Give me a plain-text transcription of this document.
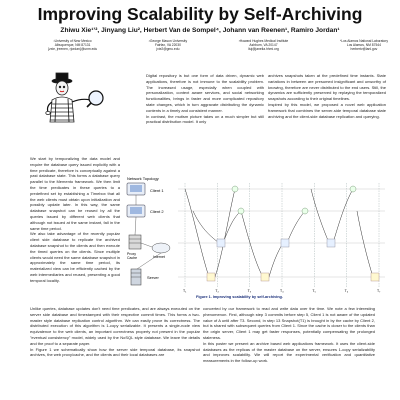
Improving Scalability by Self-Archiving
Zhiwu Xie¹ʼ², Jinyang Liu², Herbert Van de Sompel⁴, Johann van Reenen¹, Ramiro Jordan¹
¹University of New Mexico
Albuquerque, NM 87131
{zxie, jreenen, rjordan}@unm.edu
²George Mason University
Fairfax, VA 22030
jxie2@gmu.edu
³Howard Hughes Medical Institute
Ashburn, VA 20147
liuj@janelia.hhmi.org
⁴Los Alamos National Laboratory
Los Alamos, NM 87544
herbertv@lanl.gov

Digital repository is but one form of data driven, dynamic web applications, therefore is not immune to the scalability problem. The increased usage, especially when coupled with personalization, context aware services, and social networking functionalities, brings in faster and more complicated repository state changes, which in turn aggravate distributing the dynamic contents in a timely and consistent manner.
In contrast, the mutism picture takes on a much simpler but still practical distribution model. It only

archives snapshots taken at the predefined time instants. State variations in between are presumed insignificant and unworthy of knowing, therefore are never distributed to the end users. Still, the dynamics are sufficiently preserved by replaying the temporalized snapshots according to their original timelines.
Inspired by this model, we proposed a novel web application framework that combines the server-side temporal database state archiving and the client-side database replication and querying.

We start by temporalizing the data model and require the database query issued explicitly with a time predicate, therefore is conceptually against a past database state. This forms a database query parallel to the Memento framework. We then limit the time predicates in these queries to a predefined set by establishing a Timebox that all the web clients must obtain upon initialization and possibly update later. In this way, the same database snapshot can be reused by all the queries issued by different web clients that although not issued at the same instant, fall in the same time period.
We also take advantage of the recently popular client side database to replicate the archived database snapshot to the clients and then execute the timed queries on the clients. Since multiple clients would need the same database snapshot in approximately the same time period, its materialized view can be efficiently cached by the web intermediaries and reused, presenting a good temporal locality.

Network Topology
Client 1
Client 2
Proxy Cache	Internet
Server
T₁	T₂	T₃	T₄	T₅	T₆	T₇
Figure 1. Improving scalability by self-archiving.

Unlike queries, database updates don't need time predicates, and are always executed on the server side database and timestamped with their respective commit times. This forms a two-master style database replication control algorithm. We can easily prove its correctness. The distributed execution of this algorithm is 1-copy serializable. It presents a single-node view equivalence to the web clients, an important correctness property not present in the popular "eventual consistency" model, widely used by the NoSQL style database. We leave the details and the proof to a separate paper.
In Figure 1 we schematically show how the server side temporal database, its snapshot archives, the web proxy/cache, and the clients and their local databases are

concerted by our framework to read and write data over the time. We note a few interesting phenomenon. First, although step 3 commits before step 5, Client 1 is not aware of the updated value of A until after T3. Second, in step 13 Snapshot(T1) is brought in by the cache by Client 2, but is shared with subsequent queries from Client 1. Since the cache is closer to the clients than the origin server, Client 1 may get faster responses, potentially compensating the prolonged staleness.
In this poster we present an archive based web applications framework. It uses the client-side databases as the replicas of the master database on the server, ensures 1-copy serializability and improves scalability. We will report the experimental verification and quantitative measurements in the follow-up work.
